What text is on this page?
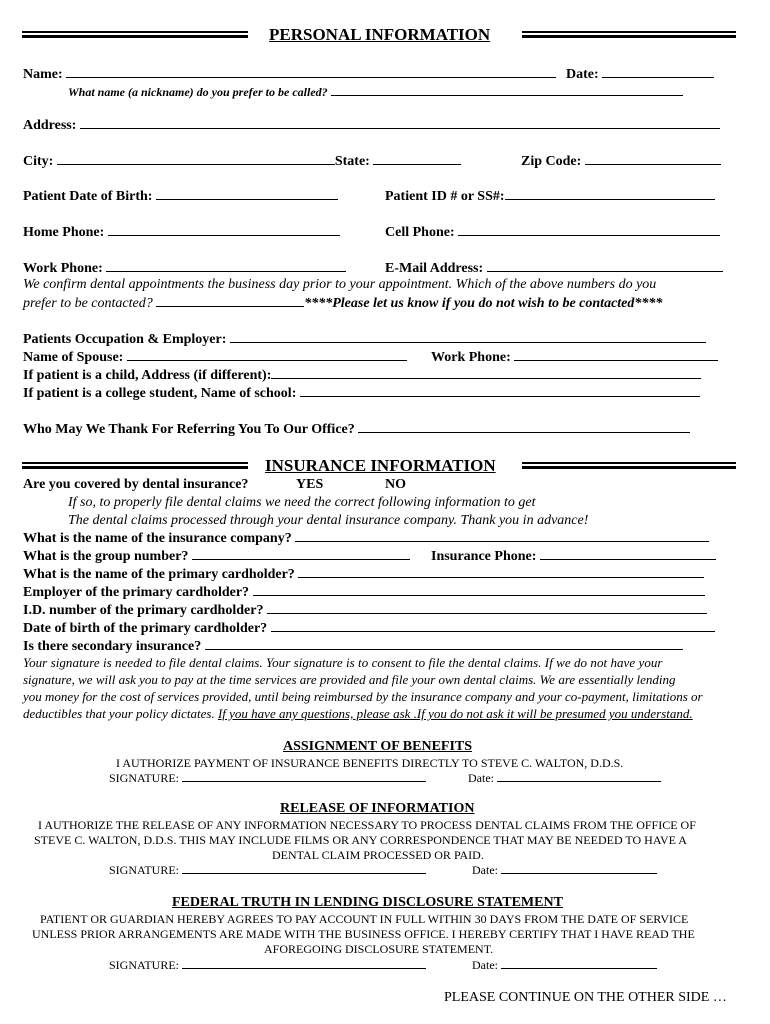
PERSONAL INFORMATION
Name:	Date:
What name (a nickname) do you prefer to be called?
Address:
City:	State:	Zip Code:
Patient Date of Birth:	Patient ID # or SS#:
Home Phone:	Cell Phone:
Work Phone:	E-Mail Address:
We confirm dental appointments the business day prior to your appointment. Which of the above numbers do you
prefer to be contacted?	****Please let us know if you do not wish to be contacted****
Patients Occupation & Employer:
Name of Spouse:	Work Phone:
If patient is a child, Address (if different):
If patient is a college student, Name of school:
Who May We Thank For Referring You To Our Office?
INSURANCE INFORMATION
Are you covered by dental insurance?	YES	NO
If so, to properly file dental claims we need the correct following information to get
The dental claims processed through your dental insurance company. Thank you in advance!
What is the name of the insurance company?
What is the group number?	Insurance Phone:
What is the name of the primary cardholder?
Employer of the primary cardholder?
I.D. number of the primary cardholder?
Date of birth of the primary cardholder?
Is there secondary insurance?
Your signature is needed to file dental claims. Your signature is to consent to file the dental claims. If we do not have your
signature, we will ask you to pay at the time services are provided and file your own dental claims. We are essentially lending
you money for the cost of services provided, until being reimbursed by the insurance company and your co-payment, limitations or
deductibles that your policy dictates. If you have any questions, please ask .If you do not ask it will be presumed you understand.
ASSIGNMENT OF BENEFITS
I AUTHORIZE PAYMENT OF INSURANCE BENEFITS DIRECTLY TO STEVE C. WALTON, D.D.S.
SIGNATURE:	Date:
RELEASE OF INFORMATION
I AUTHORIZE THE RELEASE OF ANY INFORMATION NECESSARY TO PROCESS DENTAL CLAIMS FROM THE OFFICE OF
STEVE C. WALTON, D.D.S. THIS MAY INCLUDE FILMS OR ANY CORRESPONDENCE THAT MAY BE NEEDED TO HAVE A
DENTAL CLAIM PROCESSED OR PAID.
SIGNATURE:	Date:
FEDERAL TRUTH IN LENDING DISCLOSURE STATEMENT
PATIENT OR GUARDIAN HEREBY AGREES TO PAY ACCOUNT IN FULL WITHIN 30 DAYS FROM THE DATE OF SERVICE
UNLESS PRIOR ARRANGEMENTS ARE MADE WITH THE BUSINESS OFFICE. I HEREBY CERTIFY THAT I HAVE READ THE
AFOREGOING DISCLOSURE STATEMENT.
SIGNATURE:	Date:
PLEASE CONTINUE ON THE OTHER SIDE …
